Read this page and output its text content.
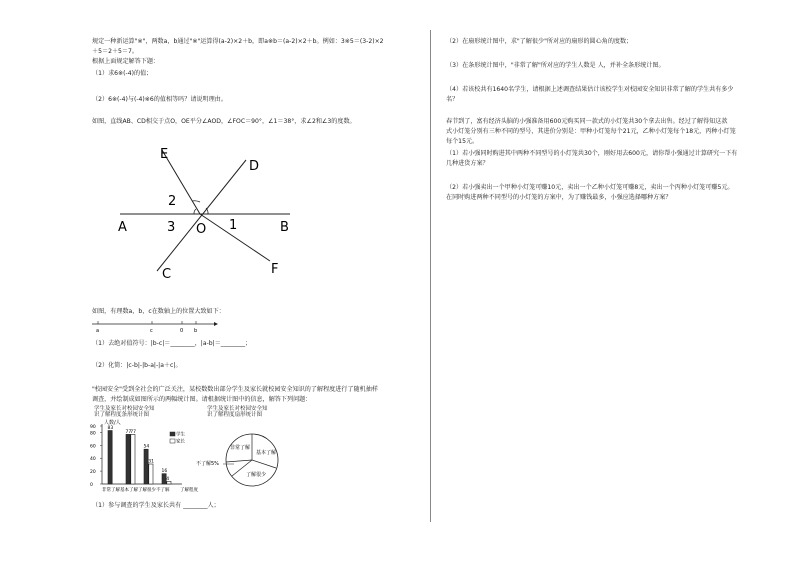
规定一种新运算"※"，两数a，b通过"※"运算得(a-2)×2＋b，即a※b＝(a-2)×2＋b。例如：3※5＝(3-2)×2
＋5＝2＋5＝7。
根据上面规定解答下题：
（1）求6※(-4)的值；
（2）6※(-4)与(-4)※6的值相等吗？请说明理由。
如图，直线AB、CD相交于点O，OE平分∠AOD，∠FOC＝90°，∠1＝38°，求∠2和∠3的度数。
E
D
A	B
C	F
O 1
2
3
如图，有理数a，b，c在数轴上的位置大致如下：
a	c	0 b
（1）去绝对值符号：|b-c|＝________，|a-b|＝________；
（2）化简：|c-b|-|b-a|-|a＋c|。
"校园安全"受到全社会的广泛关注，某校数数出部分学生及家长就校园安全知识的了解程度进行了随机抽样
调查，并绘制成如图所示的两幅统计图。请根据统计图中的信息，解答下列问题：
学生及家长对校园安全知
识了解程度条形统计图
学生及家长对校园安全知
识了解程度扇形统计图
人数/人
0
20
40
60
80
90	83
非常了解
77 77
基本了解
54
31
了解很少
16
4
不了解 了解程度
学生
家长
非常了解
基本了解
了解很少
不了解5%
（1）参与调查的学生及家长共有 ________人；
（2）在扇形统计图中，求"了解很少"所对应的扇形的圆心角的度数；
（3）在条形统计图中，"非常了解"所对应的学生人数是 人，并补全条形统计图。
（4）若该校共有1640名学生，请根据上述调查结果估计该校学生对校园安全知识非常了解的学生共有多少
名？
春节到了，富有经济头脑的小强准备用600元购买同一款式的小灯笼共30个拿去出售。经过了解得知这款
式小灯笼分别有三种不同的型号，其进价分别是：甲种小灯笼每个21元，乙种小灯笼每个18元，丙种小灯笼
每个15元。
（1）若小强同时购进其中两种不同型号的小灯笼共30个，刚好用去600元，请你帮小强通过计算研究一下有
几种进货方案？
（2）若小强卖出一个甲种小灯笼可赚10元，卖出一个乙种小灯笼可赚8元，卖出一个丙种小灯笼可赚5元。
在同时购进两种不同型号的小灯笼的方案中，为了赚钱最多，小强应选择哪种方案？
